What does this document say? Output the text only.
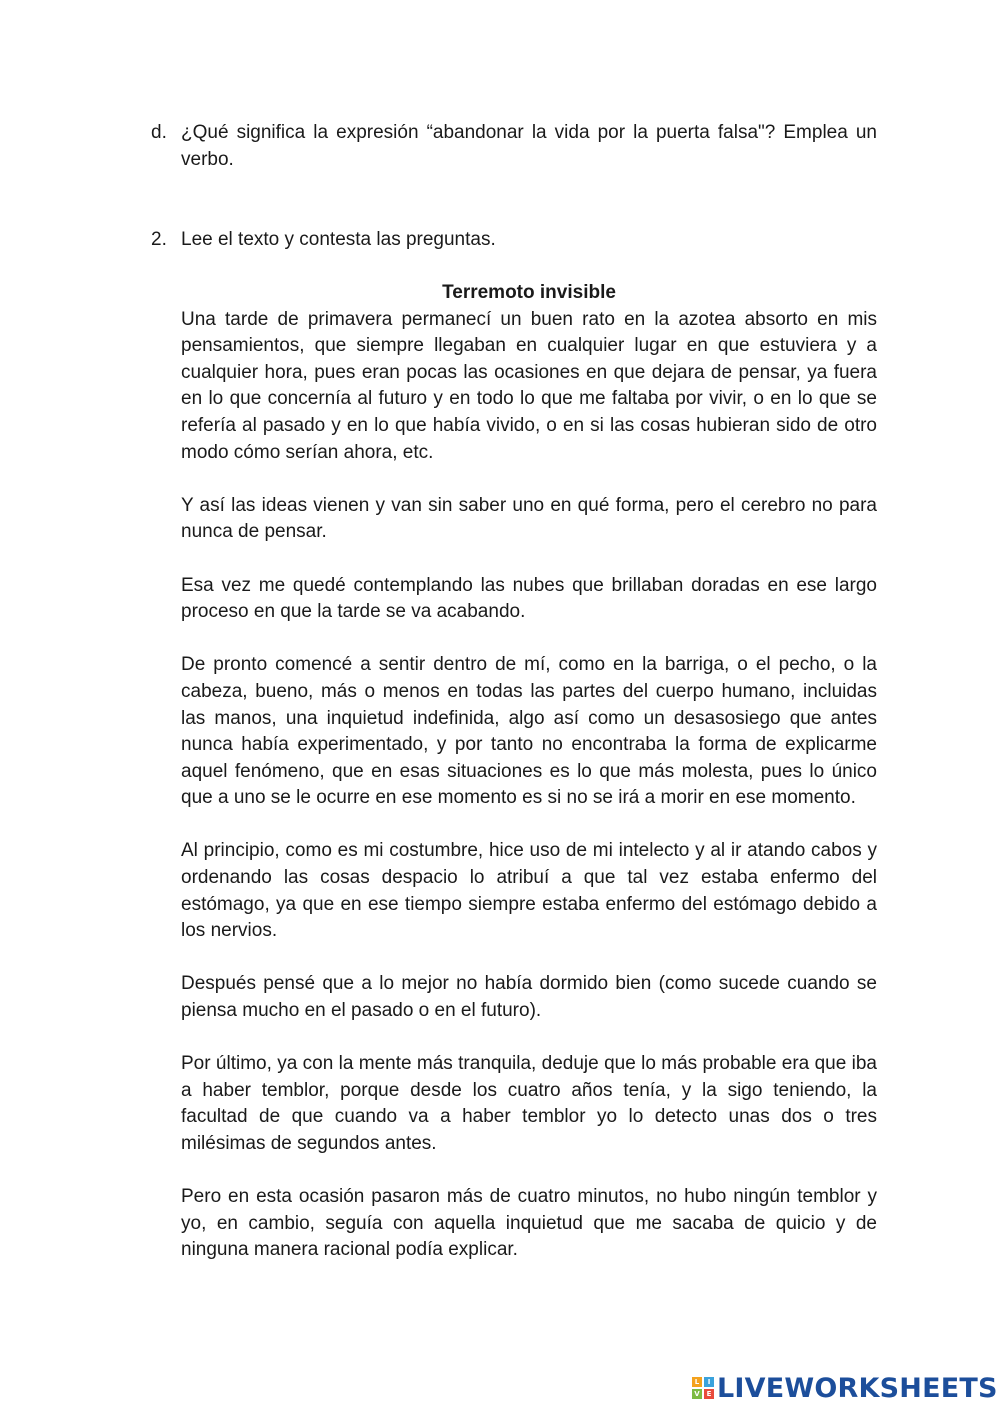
d. ¿Qué significa la expresión “abandonar la vida por la puerta falsa"? Emplea un verbo.
2. Lee el texto y contesta las preguntas.
Terremoto invisible

Una tarde de primavera permanecí un buen rato en la azotea absorto en mis pensamientos, que siempre llegaban en cualquier lugar en que estuviera y a cualquier hora, pues eran pocas las ocasiones en que dejara de pensar, ya fuera en lo que concernía al futuro y en todo lo que me faltaba por vivir, o en lo que se refería al pasado y en lo que había vivido, o en si las cosas hubieran sido de otro modo cómo serían ahora, etc.

Y así las ideas vienen y van sin saber uno en qué forma, pero el cerebro no para nunca de pensar.

Esa vez me quedé contemplando las nubes que brillaban doradas en ese largo proceso en que la tarde se va acabando.

De pronto comencé a sentir dentro de mí, como en la barriga, o el pecho, o la cabeza, bueno, más o menos en todas las partes del cuerpo humano, incluidas las manos, una inquietud indefinida, algo así como un desasosiego que antes nunca había experimentado, y por tanto no encontraba la forma de explicarme aquel fenómeno, que en esas situaciones es lo que más molesta, pues lo único que a uno se le ocurre en ese momento es si no se irá a morir en ese momento.

Al principio, como es mi costumbre, hice uso de mi intelecto y al ir atando cabos y ordenando las cosas despacio lo atribuí a que tal vez estaba enfermo del estómago, ya que en ese tiempo siempre estaba enfermo del estómago debido a los nervios.

Después pensé que a lo mejor no había dormido bien (como sucede cuando se piensa mucho en el pasado o en el futuro).

Por último, ya con la mente más tranquila, deduje que lo más probable era que iba a haber temblor, porque desde los cuatro años tenía, y la sigo teniendo, la facultad de que cuando va a haber temblor yo lo detecto unas dos o tres milésimas de segundos antes.

Pero en esta ocasión pasaron más de cuatro minutos, no hubo ningún temblor y yo, en cambio, seguía con aquella inquietud que me sacaba de quicio y de ninguna manera racional podía explicar.

L	I
V E LIVEWORKSHEETS
